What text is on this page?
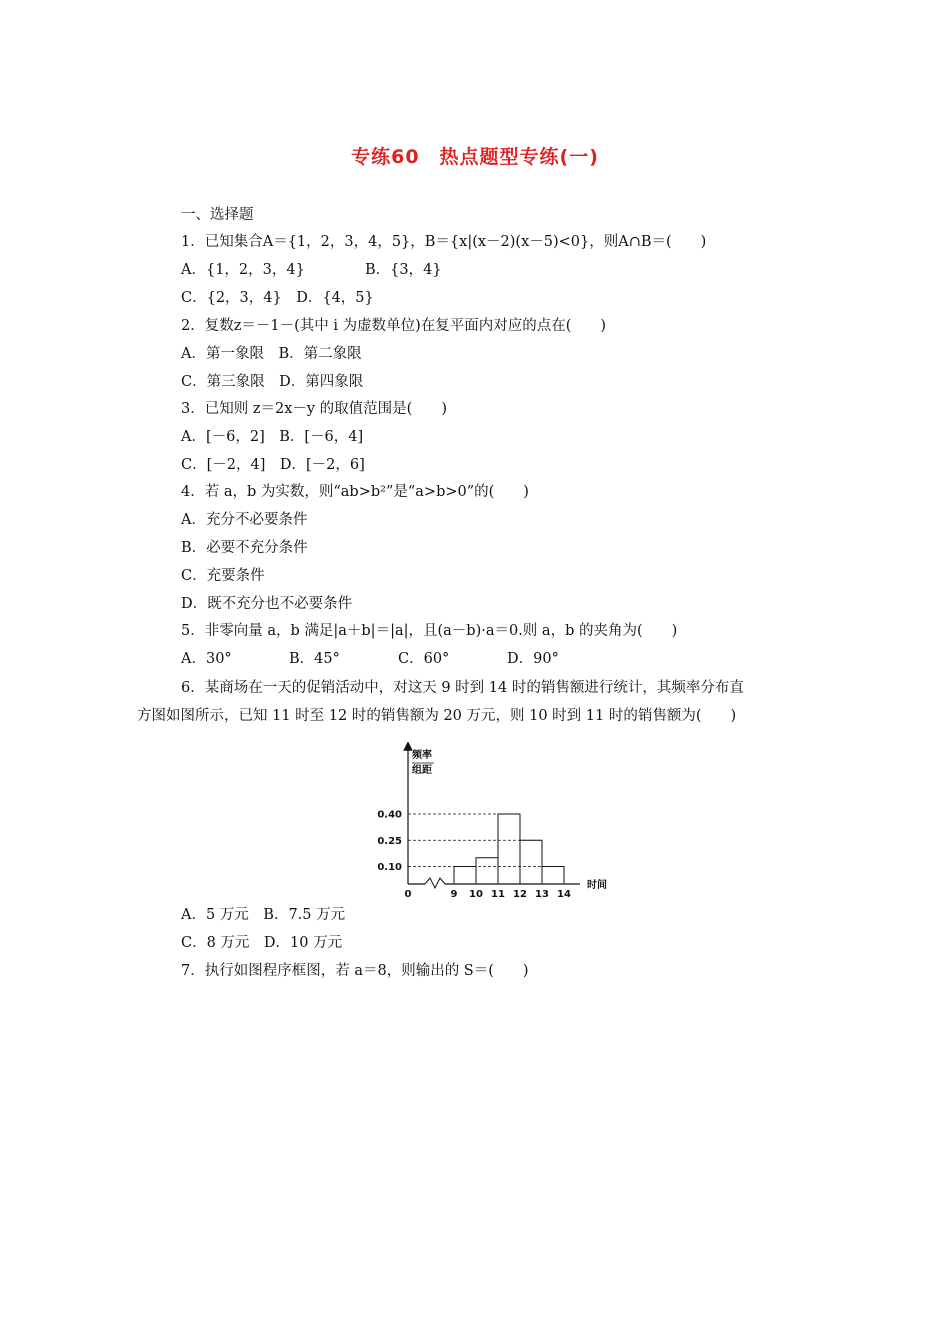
专练60　热点题型专练(一)
一、选择题
1．已知集合A＝{1，2，3，4，5}，B＝{x|(x－2)(x－5)<0}，则A∩B＝(　　)
A．{1，2，3，4}	B．{3，4}
C．{2，3，4}　D．{4，5}
2．复数z＝－1－(其中 i 为虚数单位)在复平面内对应的点在(　　)
A．第一象限　B．第二象限
C．第三象限　D．第四象限
3．已知则 z＝2x－y 的取值范围是(　　)
A．[－6，2]　B．[－6，4]
C．[－2，4]　D．[－2，6]
4．若 a，b 为实数，则“ab>b²”是“a>b>0”的(　　)
A．充分不必要条件
B．必要不充分条件
C．充要条件
D．既不充分也不必要条件
5．非零向量 a，b 满足|a＋b|＝|a|，且(a－b)·a＝0.则 a，b 的夹角为(　　)
A．30°	B．45°	C．60°	D．90°
6．某商场在一天的促销活动中，对这天 9 时到 14 时的销售额进行统计，其频率分布直
方图如图所示，已知 11 时至 12 时的销售额为 20 万元，则 10 时到 11 时的销售额为(　　)
0.10
0.25
0.40
0	9 10 11 12 13 14
频率
组距
时间
A．5 万元　B．7.5 万元
C．8 万元　D．10 万元
7．执行如图程序框图，若 a＝8，则输出的 S＝(　　)
